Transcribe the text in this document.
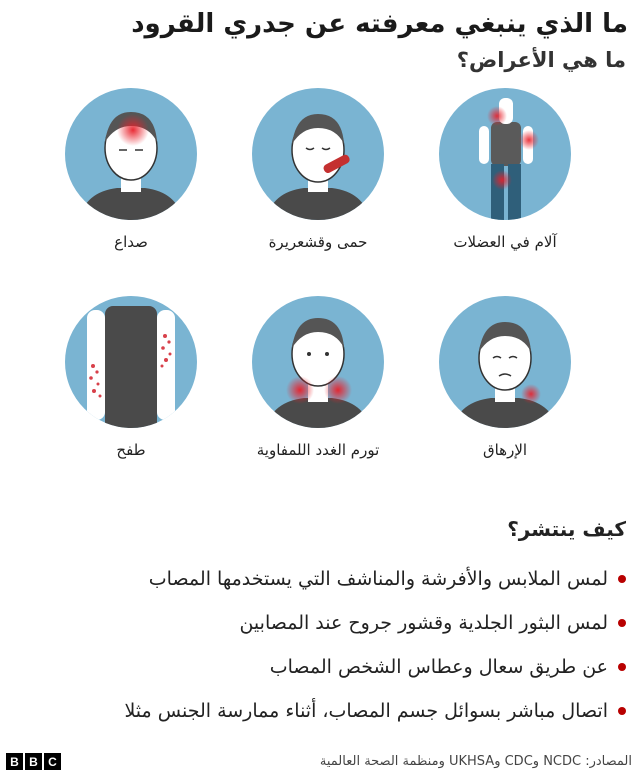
ما الذي ينبغي معرفته عن جدري القرود
ما هي الأعراض؟
آلام في العضلات
حمى وقشعريرة
صداع
الإرهاق
تورم الغدد اللمفاوية
طفح
كيف ينتشر؟
لمس الملابس والأفرشة والمناشف التي يستخدمها المصاب
لمس البثور الجلدية وقشور جروح عند المصابين
عن طريق سعال وعطاس الشخص المصاب
اتصال مباشر بسوائل جسم المصاب، أثناء ممارسة الجنس مثلا
B B C	المصادر: NCDC وCDC وUKHSA ومنظمة الصحة العالمية
